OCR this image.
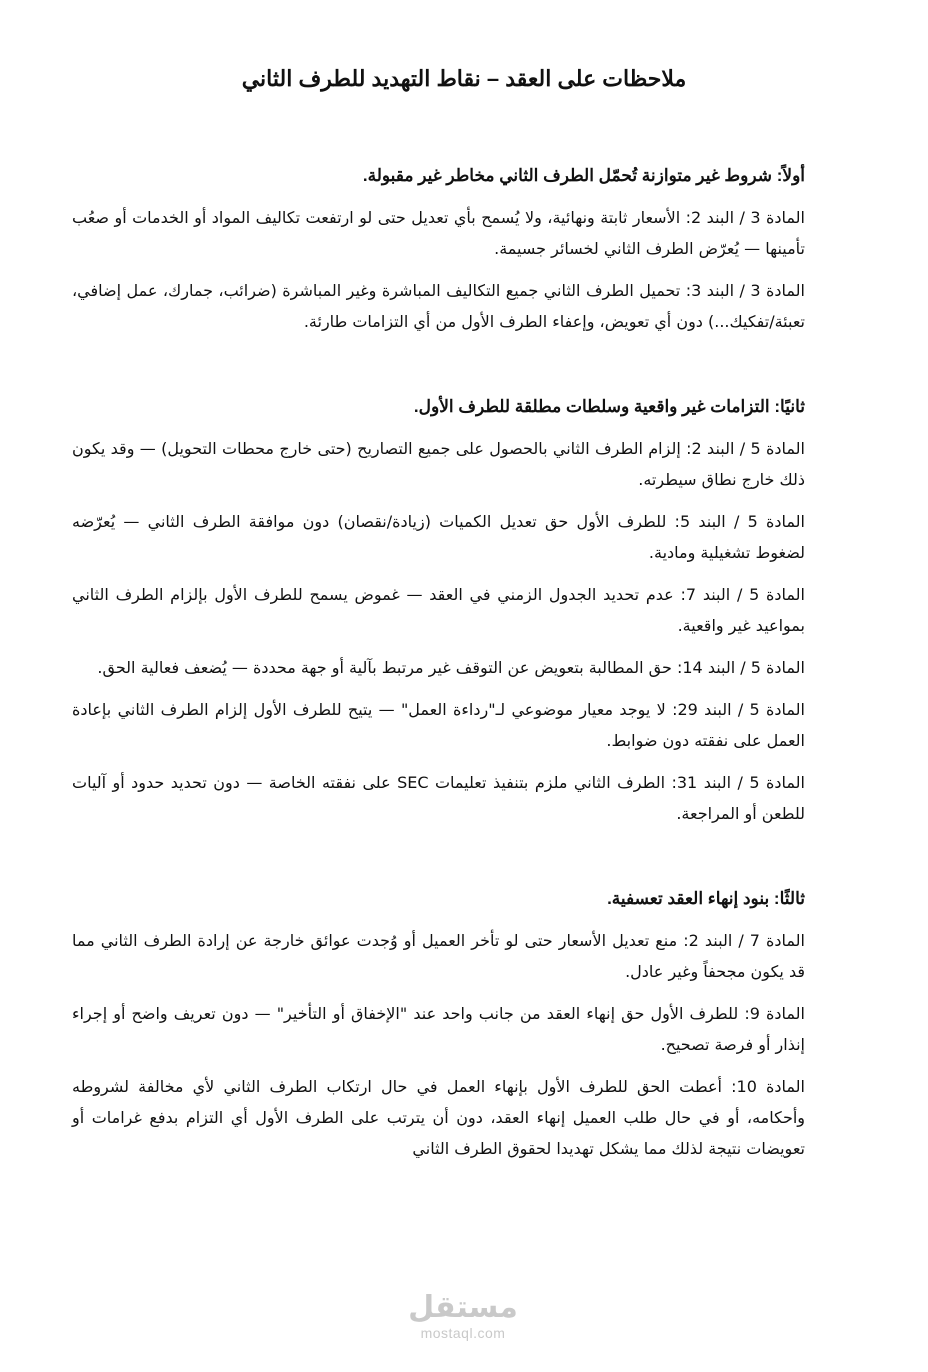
ملاحظات على العقد – نقاط التهديد للطرف الثاني

أولاً: شروط غير متوازنة تُحمّل الطرف الثاني مخاطر غير مقبولة.

المادة 3 / البند 2: الأسعار ثابتة ونهائية، ولا يُسمح بأي تعديل حتى لو ارتفعت تكاليف المواد أو الخدمات أو صعُب تأمينها — يُعرّض الطرف الثاني لخسائر جسيمة.

المادة 3 / البند 3: تحميل الطرف الثاني جميع التكاليف المباشرة وغير المباشرة (ضرائب، جمارك، عمل إضافي، تعبئة/تفكيك...) دون أي تعويض، وإعفاء الطرف الأول من أي التزامات طارئة.

ثانيًا: التزامات غير واقعية وسلطات مطلقة للطرف الأول.

المادة 5 / البند 2: إلزام الطرف الثاني بالحصول على جميع التصاريح (حتى خارج محطات التحويل) — وقد يكون ذلك خارج نطاق سيطرته.

المادة 5 / البند 5: للطرف الأول حق تعديل الكميات (زيادة/نقصان) دون موافقة الطرف الثاني — يُعرّضه لضغوط تشغيلية ومادية.

المادة 5 / البند 7: عدم تحديد الجدول الزمني في العقد — غموض يسمح للطرف الأول بإلزام الطرف الثاني بمواعيد غير واقعية.

المادة 5 / البند 14: حق المطالبة بتعويض عن التوقف غير مرتبط بآلية أو جهة محددة — يُضعف فعالية الحق.

المادة 5 / البند 29: لا يوجد معيار موضوعي لـ"رداءة العمل" — يتيح للطرف الأول إلزام الطرف الثاني بإعادة العمل على نفقته دون ضوابط.

المادة 5 / البند 31: الطرف الثاني ملزم بتنفيذ تعليمات SEC على نفقته الخاصة — دون تحديد حدود أو آليات للطعن أو المراجعة.

ثالثًا: بنود إنهاء العقد تعسفية.

المادة 7 / البند 2: منع تعديل الأسعار حتى لو تأخر العميل أو وُجدت عوائق خارجة عن إرادة الطرف الثاني مما قد يكون مجحفاً وغير عادل.

المادة 9: للطرف الأول حق إنهاء العقد من جانب واحد عند "الإخفاق أو التأخير" — دون تعريف واضح أو إجراء إنذار أو فرصة تصحيح.

المادة 10: أعطت الحق للطرف الأول بإنهاء العمل في حال ارتكاب الطرف الثاني لأي مخالفة لشروطه وأحكامه، أو في حال طلب العميل إنهاء العقد، دون أن يترتب على الطرف الأول أي التزام بدفع غرامات أو تعويضات نتيجة لذلك مما يشكل تهديدا لحقوق الطرف الثاني

مستقل
mostaql.com
